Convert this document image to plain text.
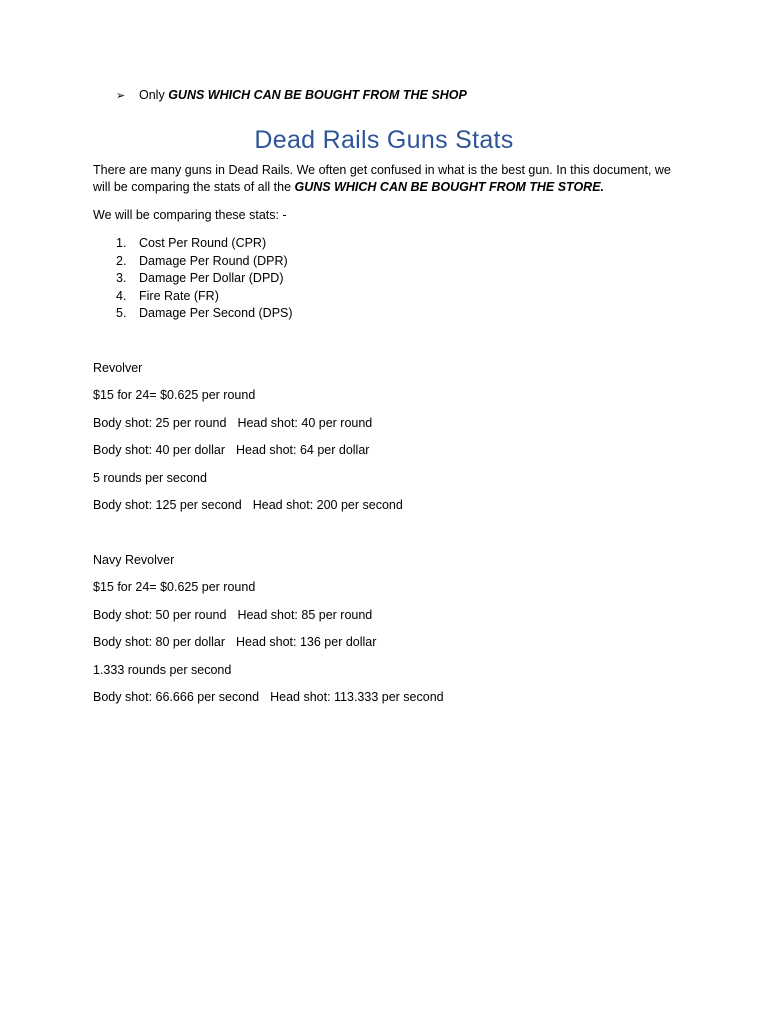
➢ Only GUNS WHICH CAN BE BOUGHT FROM THE SHOP
Dead Rails Guns Stats

There are many guns in Dead Rails. We often get confused in what is the best gun. In this document, we will be comparing the stats of all the GUNS WHICH CAN BE BOUGHT FROM THE STORE.

We will be comparing these stats: -
1. Cost Per Round (CPR)
2. Damage Per Round (DPR)
3. Damage Per Dollar (DPD)
4. Fire Rate (FR)
5. Damage Per Second (DPS)
Revolver
$15 for 24= $0.625 per round
Body shot: 25 per round Head shot: 40 per round
Body shot: 40 per dollar Head shot: 64 per dollar
5 rounds per second
Body shot: 125 per second Head shot: 200 per second
Navy Revolver
$15 for 24= $0.625 per round
Body shot: 50 per round Head shot: 85 per round
Body shot: 80 per dollar Head shot: 136 per dollar
1.333 rounds per second
Body shot: 66.666 per second Head shot: 113.333 per second
